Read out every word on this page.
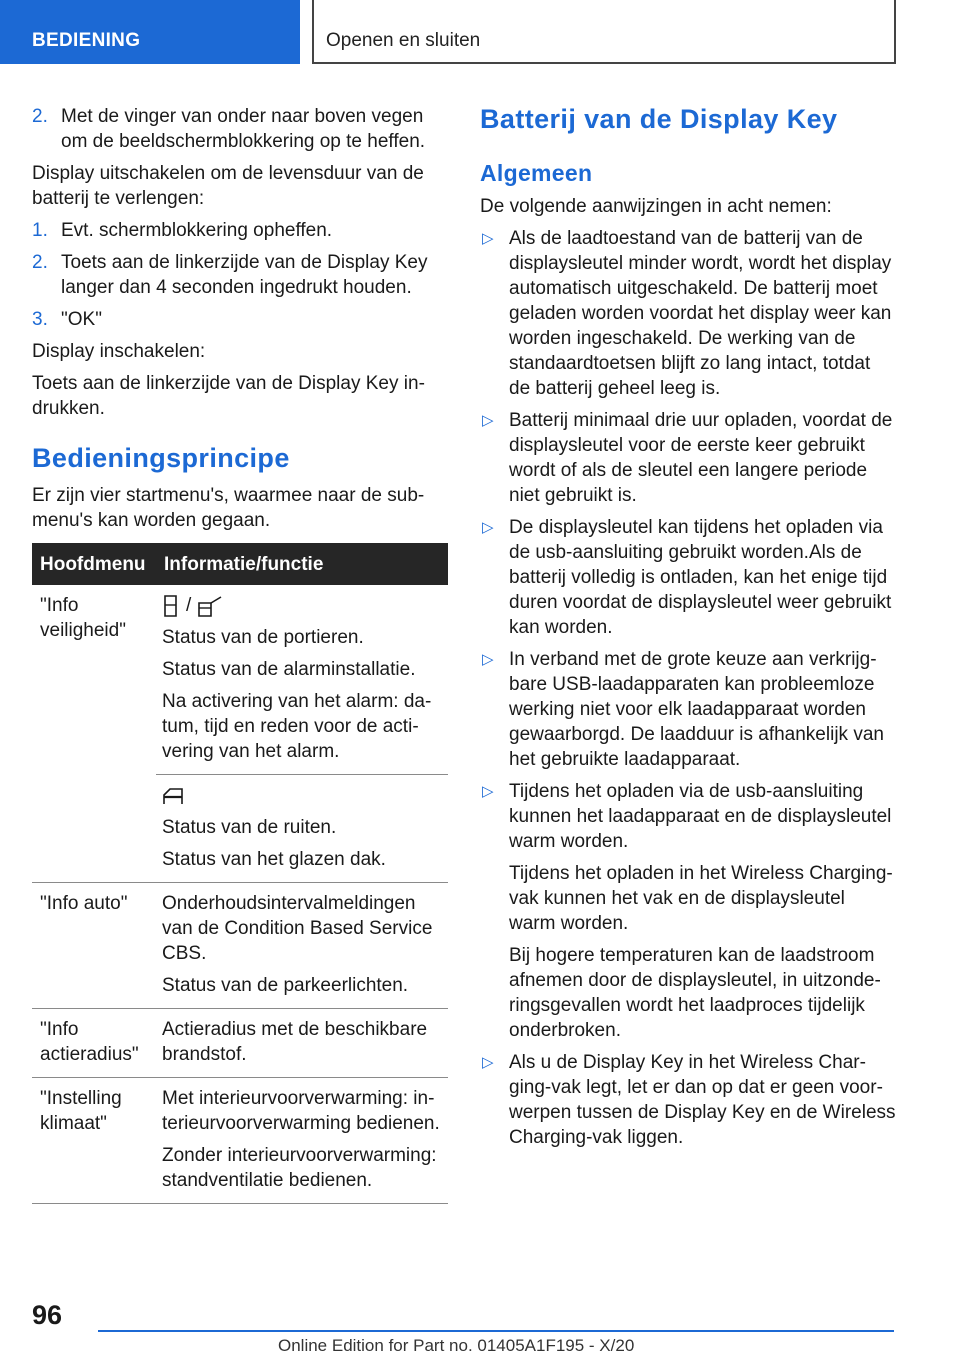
BEDIENING	Openen en sluiten
2. Met de vinger van onder naar boven vegen om de beeldschermblokkering op te heffen.

Display uitschakelen om de levensduur van de batterij te verlengen:

1. Evt. schermblokkering opheffen.
2. Toets aan de linkerzijde van de Display Key langer dan 4 seconden ingedrukt houden.
3. "OK"

Display inschakelen:

Toets aan de linkerzijde van de Display Key indrukken.

Bedieningsprincipe

Er zijn vier startmenu's, waarmee naar de submenu's kan worden gegaan.

Hoofdmenu	Informatie/functie
"Info veiligheid"	/

Status van de portieren.

Status van de alarminstallatie.

Na activering van het alarm: datum, tijd en reden voor de activering van het alarm.

	Status van de ruiten.

Status van het glazen dak.

"Info auto"	Onderhoudsintervalmeldingen van de Condition Based Service CBS.

Status van de parkeerlichten.

"Info actieradius"	Actieradius met de beschikbare brandstof.

"Instelling klimaat"	Met interieurvoorverwarming: interieurvoorverwarming bedienen.

Zonder interieurvoorverwarming: standventilatie bedienen.

Batterij van de Display Key
Algemeen

De volgende aanwijzingen in acht nemen:

▷ Als de laadtoestand van de batterij van de displaysleutel minder wordt, wordt het display automatisch uitgeschakeld. De batterij moet geladen worden voordat het display weer kan worden ingeschakeld. De werking van de standaardtoetsen blijft zo lang intact, totdat de batterij geheel leeg is.

▷ Batterij minimaal drie uur opladen, voordat de displaysleutel voor de eerste keer gebruikt wordt of als de sleutel een langere periode niet gebruikt is.

▷ De displaysleutel kan tijdens het opladen via de usb-aansluiting gebruikt worden.Als de batterij volledig is ontladen, kan het enige tijd duren voordat de displaysleutel weer gebruikt kan worden.

▷ In verband met de grote keuze aan verkrijgbare USB-laadapparaten kan probleemloze werking niet voor elk laadapparaat worden gewaarborgd. De laadduur is afhankelijk van het gebruikte laadapparaat.

▷ Tijdens het opladen via de usb-aansluiting kunnen het laadapparaat en de displaysleutel warm worden.

Tijdens het opladen in het Wireless Charging-vak kunnen het vak en de displaysleutel warm worden.

Bij hogere temperaturen kan de laadstroom afnemen door de displaysleutel, in uitzonderingsgevallen wordt het laadproces tijdelijk onderbroken.

▷ Als u de Display Key in het Wireless Charging-vak legt, let er dan op dat er geen voorwerpen tussen de Display Key en de Wireless Charging-vak liggen.

96
Online Edition for Part no. 01405A1F195 - X/20
